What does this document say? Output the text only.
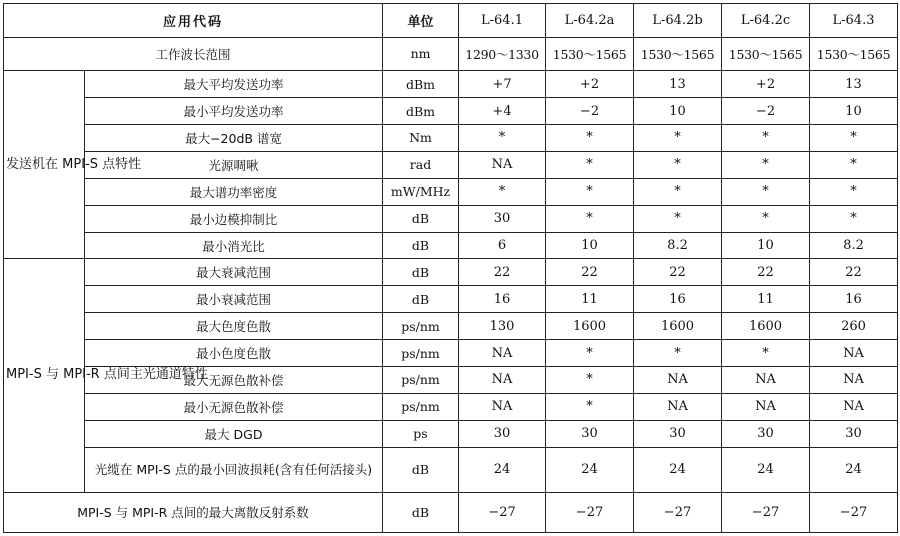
应用代码		单位	L-64.1	L-64.2a	L-64.2b	L-64.2c	L-64.3
工作波长范围		nm	1290～1330	1530～1565	1530～1565	1530～1565	1530～1565
发送机在 MPI-S 点特性	最大平均发送功率	dBm	+7	+2	13	+2	13
	最小平均发送功率	dBm	+4	−2	10	−2	10
	最大−20dB 谱宽	Nm	*	*	*	*	*
	光源啁啾	rad	NA	*	*	*	*
	最大谱功率密度	mW/MHz	*	*	*	*	*
	最小边模抑制比	dB	30	*	*	*	*
	最小消光比	dB	6	10	8.2	10	8.2
MPI-S 与 MPI-R 点间主光通道特性	最大衰减范围	dB	22	22	22	22	22
	最小衰减范围	dB	16	11	16	11	16
	最大色度色散	ps/nm	130	1600	1600	1600	260
	最小色度色散	ps/nm	NA	*	*	*	NA
	最大无源色散补偿	ps/nm	NA	*	NA	NA	NA
	最小无源色散补偿	ps/nm	NA	*	NA	NA	NA
	最大 DGD	ps	30	30	30	30	30
	光缆在 MPI-S 点的最小回波损耗(含有任何活接头)	dB	24	24	24	24	24
MPI-S 与 MPI-R 点间的最大离散反射系数		dB	−27	−27	−27	−27	−27
